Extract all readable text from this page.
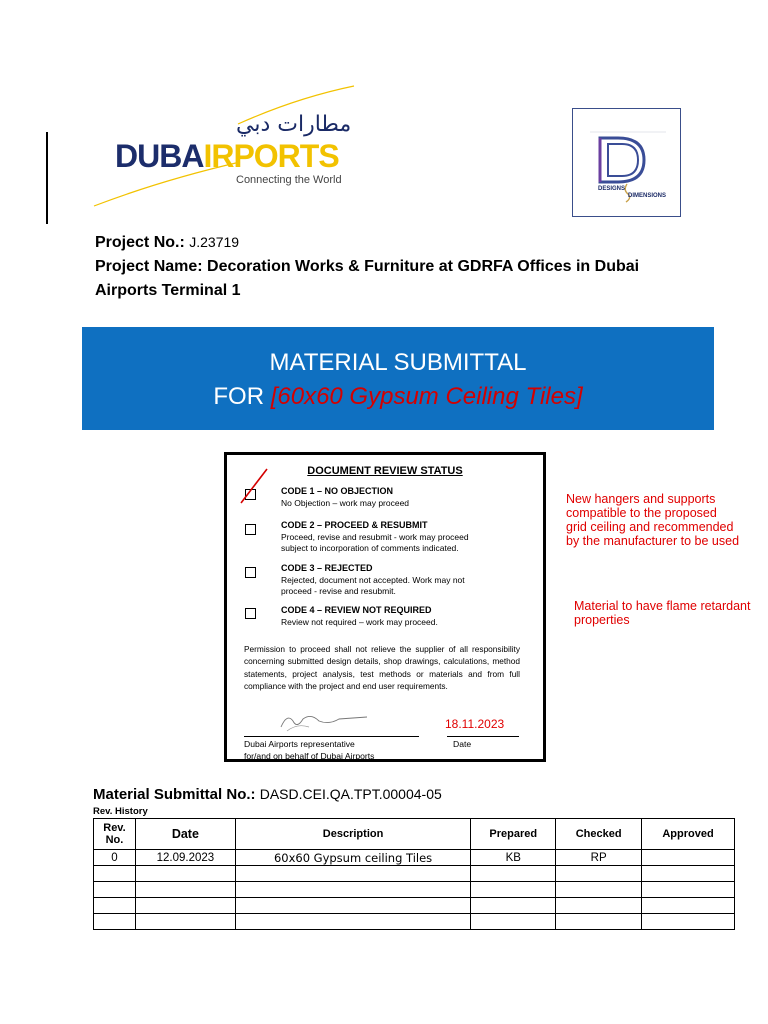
مطارات دبي
DUBAIRPORTS
Connecting the World
DESIGNS
DIMENSIONS
Project No.: J.23719
Project Name: Decoration Works & Furniture at GDRFA Offices in Dubai
Airports Terminal 1
MATERIAL SUBMITTAL
FOR [60x60 Gypsum Ceiling Tiles]
DOCUMENT REVIEW STATUS
CODE 1 – NO OBJECTION
No Objection – work may proceed
CODE 2 – PROCEED & RESUBMIT
Proceed, revise and resubmit - work may proceed
subject to incorporation of comments indicated.
CODE 3 – REJECTED
Rejected, document not accepted. Work may not
proceed - revise and resubmit.
CODE 4 – REVIEW NOT REQUIRED
Review not required – work may proceed.
Permission to proceed shall not relieve the supplier of all responsibility concerning submitted design details, shop drawings, calculations, method statements, project analysis, test methods or materials and from full compliance with the project and end user requirements.
18.11.2023
Dubai Airports representative
for/and on behalf of Dubai Airports
Date
New hangers and supports
compatible to the proposed
grid ceiling and recommended
by the manufacturer to be used
Material to have flame retardant
properties
Material Submittal No.: DASD.CEI.QA.TPT.00004-05
Rev. History
Rev. No.	Date	Description	Prepared	Checked	Approved
0	12.09.2023	60x60 Gypsum ceiling Tiles	KB	RP	
